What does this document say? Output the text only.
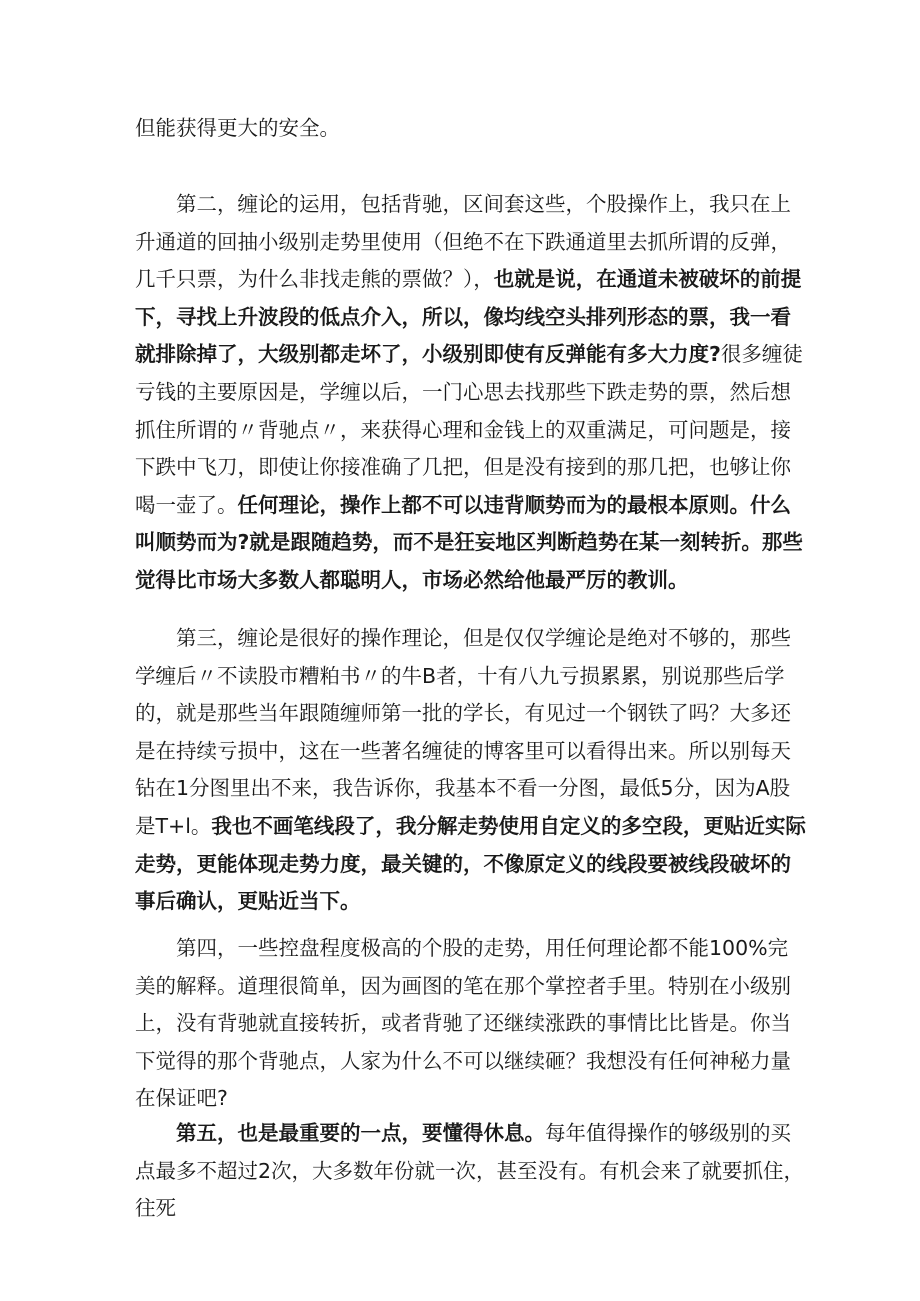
但能获得更大的安全。

第二，缠论的运用，包括背驰，区间套这些，个股操作上，我只在上升通道的回抽小级别走势里使用（但绝不在下跌通道里去抓所谓的反弹，几千只票，为什么非找走熊的票做？），也就是说，在通道未被破坏的前提下，寻找上升波段的低点介入，所以，像均线空头排列形态的票，我一看就排除掉了，大级别都走坏了，小级别即使有反弹能有多大力度?很多缠徒亏钱的主要原因是，学缠以后，一门心思去找那些下跌走势的票，然后想抓住所谓的〃背驰点〃，来获得心理和金钱上的双重满足，可问题是，接下跌中飞刀，即使让你接准确了几把，但是没有接到的那几把，也够让你喝一壶了。任何理论，操作上都不可以违背顺势而为的最根本原则。什么叫顺势而为?就是跟随趋势，而不是狂妄地区判断趋势在某一刻转折。那些觉得比市场大多数人都聪明人，市场必然给他最严厉的教训。

第三，缠论是很好的操作理论，但是仅仅学缠论是绝对不够的，那些学缠后〃不读股市糟粕书〃的牛B者，十有八九亏损累累，别说那些后学的，就是那些当年跟随缠师第一批的学长，有见过一个钢铁了吗？大多还是在持续亏损中，这在一些著名缠徒的博客里可以看得出来。所以别每天钻在1分图里出不来，我告诉你，我基本不看一分图，最低5分，因为A股是T+l。我也不画笔线段了，我分解走势使用自定义的多空段，更贴近实际走势，更能体现走势力度，最关键的，不像原定义的线段要被线段破坏的事后确认，更贴近当下。

第四，一些控盘程度极高的个股的走势，用任何理论都不能100%完美的解释。道理很简单，因为画图的笔在那个掌控者手里。特别在小级别上，没有背驰就直接转折，或者背驰了还继续涨跌的事情比比皆是。你当下觉得的那个背驰点，人家为什么不可以继续砸？我想没有任何神秘力量在保证吧?

第五，也是最重要的一点，要懂得休息。每年值得操作的够级别的买点最多不超过2次，大多数年份就一次，甚至没有。有机会来了就要抓住，往死
